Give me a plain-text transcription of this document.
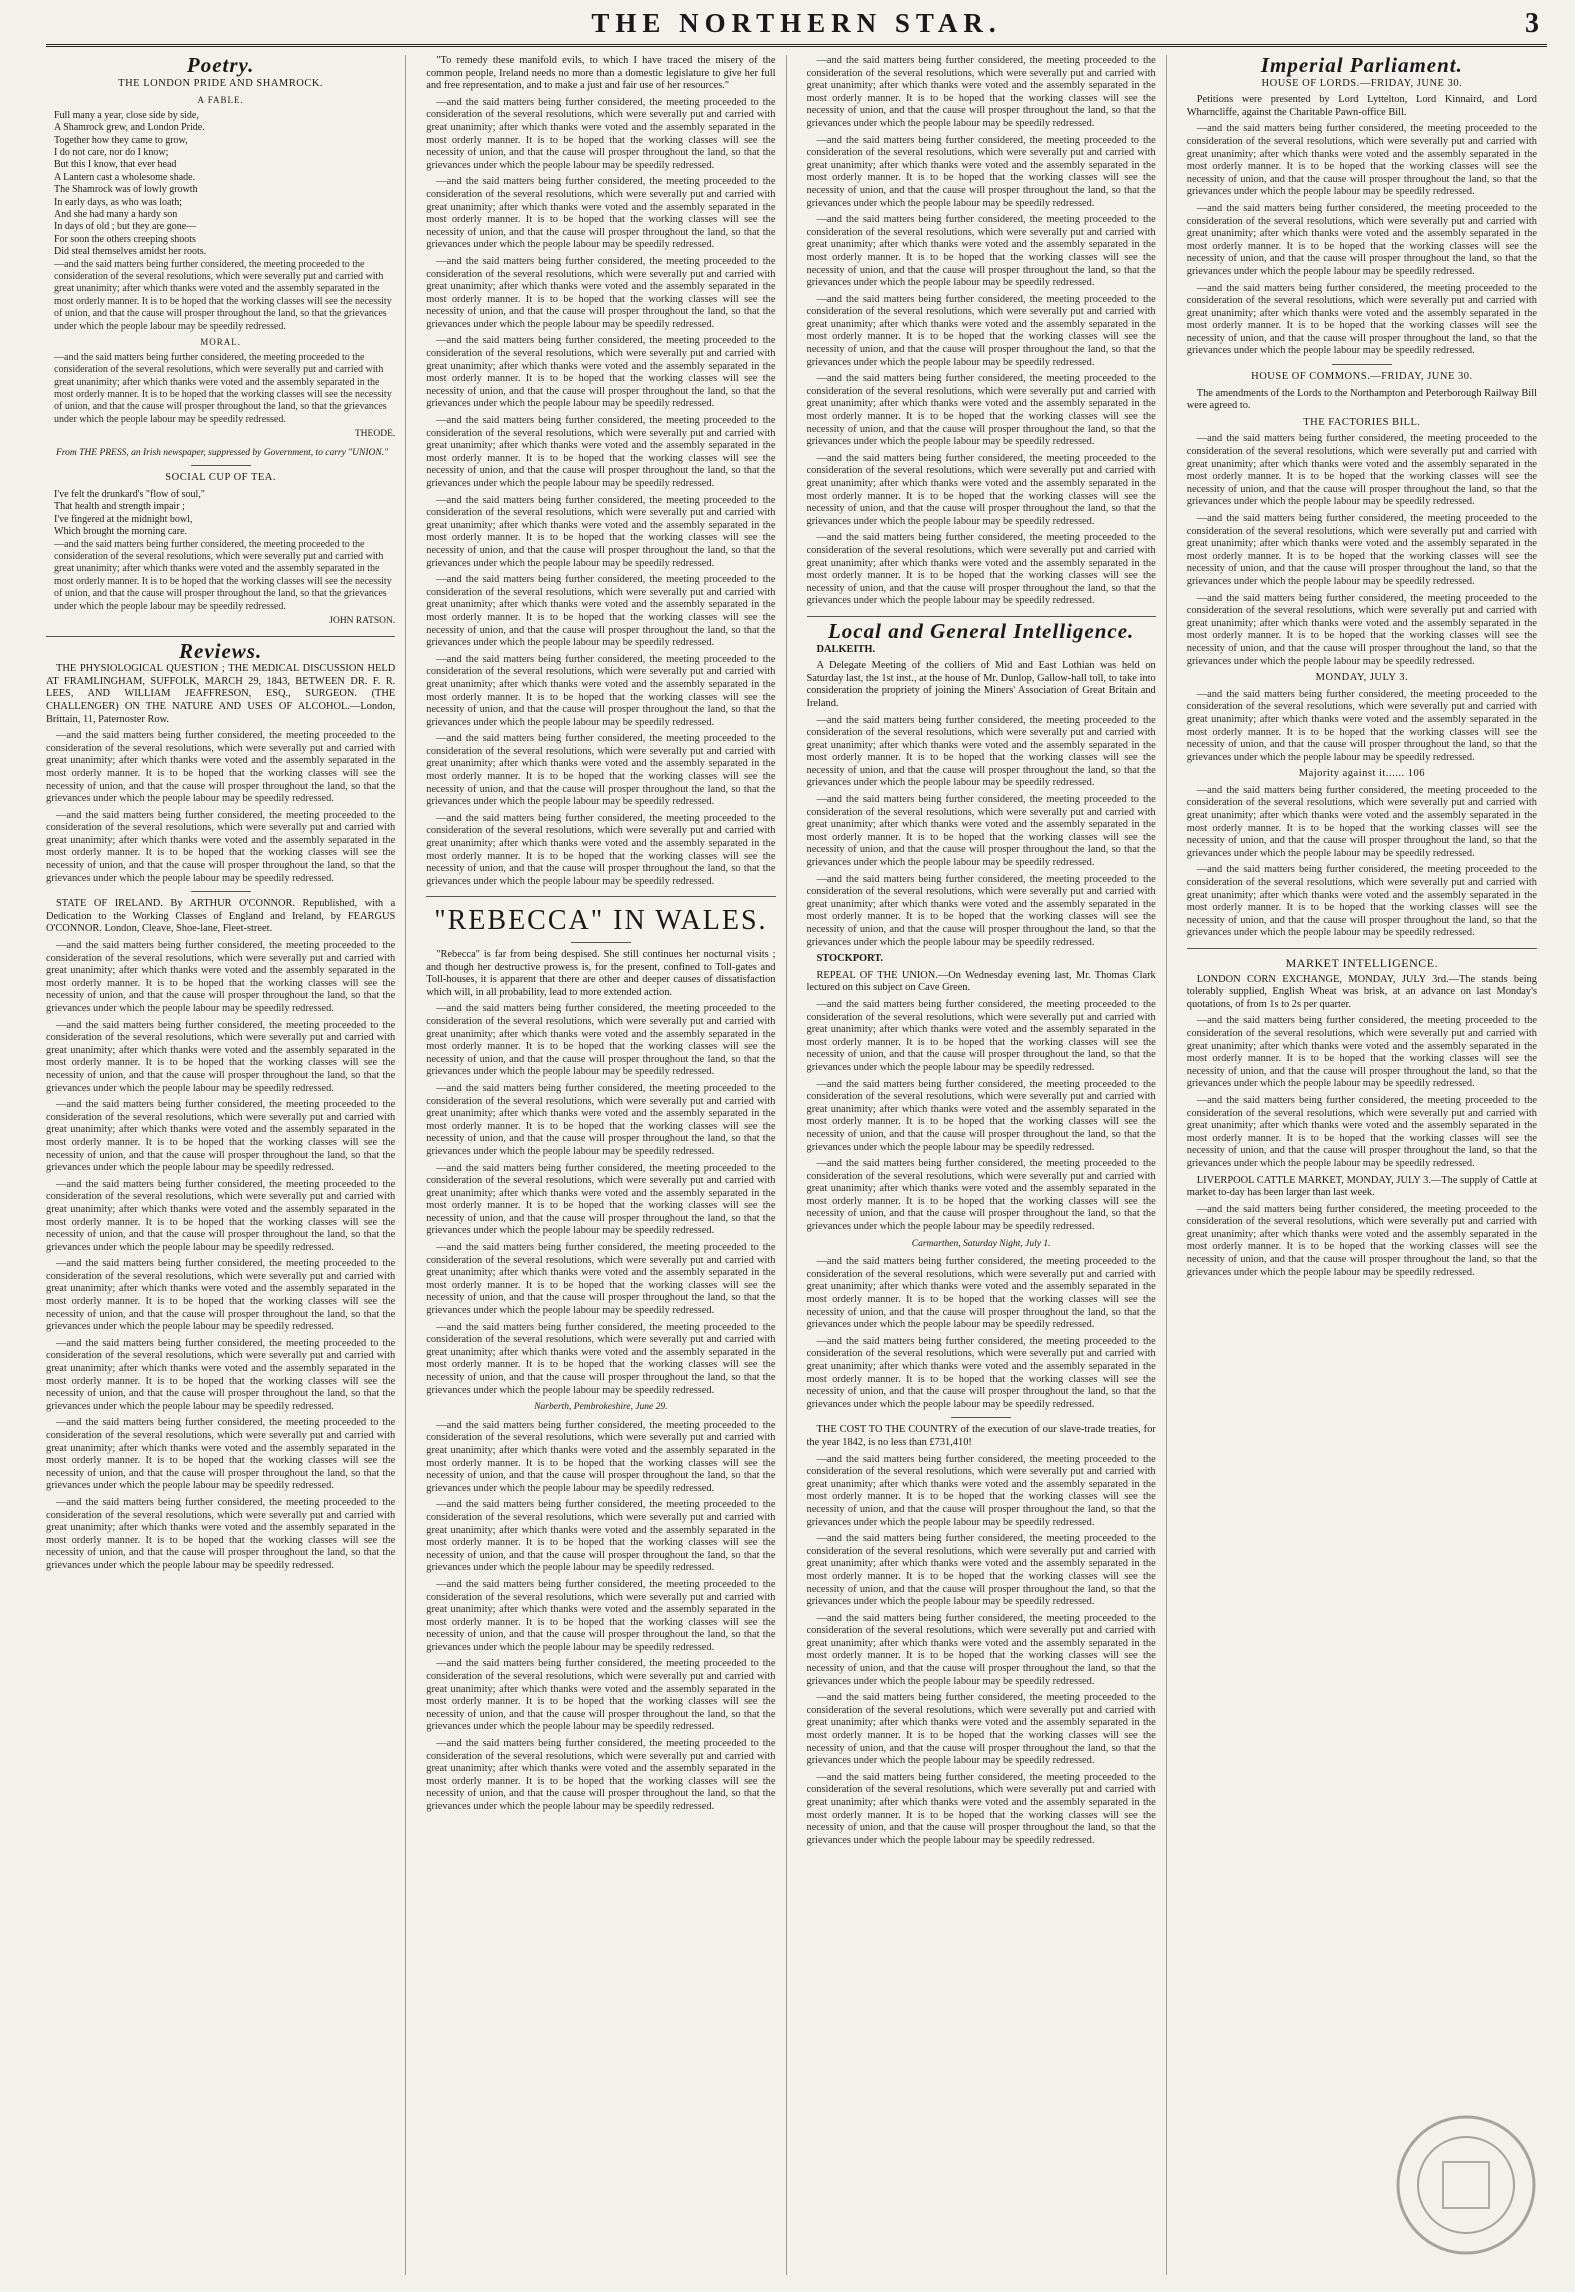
THE NORTHERN STAR.	3
Poetry.
THE LONDON PRIDE AND SHAMROCK.
A FABLE.
Full many a year, close side by side,
A Shamrock grew, and London Pride.
Together how they came to grow,
I do not care, nor do I know;
But this I know, that ever head
A Lantern cast a wholesome shade.
The Shamrock was of lowly growth
In early days, as who was loath;
And she had many a hardy son
In days of old ; but they are gone—
For soon the others creeping shoots
Did steal themselves amidst her roots.
—and the said matters being further considered, the meeting proceeded to the consideration of the several resolutions, which were severally put and carried with great unanimity; after which thanks were voted and the assembly separated in the most orderly manner. It is to be hoped that the working classes will see the necessity of union, and that the cause will prosper throughout the land, so that the grievances under which the people labour may be speedily redressed.
MORAL.
—and the said matters being further considered, the meeting proceeded to the consideration of the several resolutions, which were severally put and carried with great unanimity; after which thanks were voted and the assembly separated in the most orderly manner. It is to be hoped that the working classes will see the necessity of union, and that the cause will prosper throughout the land, so that the grievances under which the people labour may be speedily redressed.
THEODE.

From THE PRESS, an Irish newspaper, suppressed by Government, to carry "UNION."

SOCIAL CUP OF TEA.
I've felt the drunkard's "flow of soul,"
That health and strength impair ;
I've fingered at the midnight bowl,
Which brought the morning care.
—and the said matters being further considered, the meeting proceeded to the consideration of the several resolutions, which were severally put and carried with great unanimity; after which thanks were voted and the assembly separated in the most orderly manner. It is to be hoped that the working classes will see the necessity of union, and that the cause will prosper throughout the land, so that the grievances under which the people labour may be speedily redressed.
JOHN RATSON.
Reviews.

THE PHYSIOLOGICAL QUESTION ; THE MEDICAL DISCUSSION HELD AT FRAMLINGHAM, SUFFOLK, MARCH 29, 1843, BETWEEN DR. F. R. LEES, AND WILLIAM JEAFFRESON, ESQ., SURGEON. (THE CHALLENGER) ON THE NATURE AND USES OF ALCOHOL.—London, Brittain, 11, Paternoster Row.

—and the said matters being further considered, the meeting proceeded to the consideration of the several resolutions, which were severally put and carried with great unanimity; after which thanks were voted and the assembly separated in the most orderly manner. It is to be hoped that the working classes will see the necessity of union, and that the cause will prosper throughout the land, so that the grievances under which the people labour may be speedily redressed.

—and the said matters being further considered, the meeting proceeded to the consideration of the several resolutions, which were severally put and carried with great unanimity; after which thanks were voted and the assembly separated in the most orderly manner. It is to be hoped that the working classes will see the necessity of union, and that the cause will prosper throughout the land, so that the grievances under which the people labour may be speedily redressed.

STATE OF IRELAND. By ARTHUR O'CONNOR. Republished, with a Dedication to the Working Classes of England and Ireland, by FEARGUS O'CONNOR. London, Cleave, Shoe-lane, Fleet-street.

—and the said matters being further considered, the meeting proceeded to the consideration of the several resolutions, which were severally put and carried with great unanimity; after which thanks were voted and the assembly separated in the most orderly manner. It is to be hoped that the working classes will see the necessity of union, and that the cause will prosper throughout the land, so that the grievances under which the people labour may be speedily redressed.

—and the said matters being further considered, the meeting proceeded to the consideration of the several resolutions, which were severally put and carried with great unanimity; after which thanks were voted and the assembly separated in the most orderly manner. It is to be hoped that the working classes will see the necessity of union, and that the cause will prosper throughout the land, so that the grievances under which the people labour may be speedily redressed.

—and the said matters being further considered, the meeting proceeded to the consideration of the several resolutions, which were severally put and carried with great unanimity; after which thanks were voted and the assembly separated in the most orderly manner. It is to be hoped that the working classes will see the necessity of union, and that the cause will prosper throughout the land, so that the grievances under which the people labour may be speedily redressed.

—and the said matters being further considered, the meeting proceeded to the consideration of the several resolutions, which were severally put and carried with great unanimity; after which thanks were voted and the assembly separated in the most orderly manner. It is to be hoped that the working classes will see the necessity of union, and that the cause will prosper throughout the land, so that the grievances under which the people labour may be speedily redressed.

—and the said matters being further considered, the meeting proceeded to the consideration of the several resolutions, which were severally put and carried with great unanimity; after which thanks were voted and the assembly separated in the most orderly manner. It is to be hoped that the working classes will see the necessity of union, and that the cause will prosper throughout the land, so that the grievances under which the people labour may be speedily redressed.

—and the said matters being further considered, the meeting proceeded to the consideration of the several resolutions, which were severally put and carried with great unanimity; after which thanks were voted and the assembly separated in the most orderly manner. It is to be hoped that the working classes will see the necessity of union, and that the cause will prosper throughout the land, so that the grievances under which the people labour may be speedily redressed.

—and the said matters being further considered, the meeting proceeded to the consideration of the several resolutions, which were severally put and carried with great unanimity; after which thanks were voted and the assembly separated in the most orderly manner. It is to be hoped that the working classes will see the necessity of union, and that the cause will prosper throughout the land, so that the grievances under which the people labour may be speedily redressed.

—and the said matters being further considered, the meeting proceeded to the consideration of the several resolutions, which were severally put and carried with great unanimity; after which thanks were voted and the assembly separated in the most orderly manner. It is to be hoped that the working classes will see the necessity of union, and that the cause will prosper throughout the land, so that the grievances under which the people labour may be speedily redressed.

"To remedy these manifold evils, to which I have traced the misery of the common people, Ireland needs no more than a domestic legislature to give her full and free representation, and to make a just and fair use of her resources."

—and the said matters being further considered, the meeting proceeded to the consideration of the several resolutions, which were severally put and carried with great unanimity; after which thanks were voted and the assembly separated in the most orderly manner. It is to be hoped that the working classes will see the necessity of union, and that the cause will prosper throughout the land, so that the grievances under which the people labour may be speedily redressed.

—and the said matters being further considered, the meeting proceeded to the consideration of the several resolutions, which were severally put and carried with great unanimity; after which thanks were voted and the assembly separated in the most orderly manner. It is to be hoped that the working classes will see the necessity of union, and that the cause will prosper throughout the land, so that the grievances under which the people labour may be speedily redressed.

—and the said matters being further considered, the meeting proceeded to the consideration of the several resolutions, which were severally put and carried with great unanimity; after which thanks were voted and the assembly separated in the most orderly manner. It is to be hoped that the working classes will see the necessity of union, and that the cause will prosper throughout the land, so that the grievances under which the people labour may be speedily redressed.

—and the said matters being further considered, the meeting proceeded to the consideration of the several resolutions, which were severally put and carried with great unanimity; after which thanks were voted and the assembly separated in the most orderly manner. It is to be hoped that the working classes will see the necessity of union, and that the cause will prosper throughout the land, so that the grievances under which the people labour may be speedily redressed.

—and the said matters being further considered, the meeting proceeded to the consideration of the several resolutions, which were severally put and carried with great unanimity; after which thanks were voted and the assembly separated in the most orderly manner. It is to be hoped that the working classes will see the necessity of union, and that the cause will prosper throughout the land, so that the grievances under which the people labour may be speedily redressed.

—and the said matters being further considered, the meeting proceeded to the consideration of the several resolutions, which were severally put and carried with great unanimity; after which thanks were voted and the assembly separated in the most orderly manner. It is to be hoped that the working classes will see the necessity of union, and that the cause will prosper throughout the land, so that the grievances under which the people labour may be speedily redressed.

—and the said matters being further considered, the meeting proceeded to the consideration of the several resolutions, which were severally put and carried with great unanimity; after which thanks were voted and the assembly separated in the most orderly manner. It is to be hoped that the working classes will see the necessity of union, and that the cause will prosper throughout the land, so that the grievances under which the people labour may be speedily redressed.

—and the said matters being further considered, the meeting proceeded to the consideration of the several resolutions, which were severally put and carried with great unanimity; after which thanks were voted and the assembly separated in the most orderly manner. It is to be hoped that the working classes will see the necessity of union, and that the cause will prosper throughout the land, so that the grievances under which the people labour may be speedily redressed.

—and the said matters being further considered, the meeting proceeded to the consideration of the several resolutions, which were severally put and carried with great unanimity; after which thanks were voted and the assembly separated in the most orderly manner. It is to be hoped that the working classes will see the necessity of union, and that the cause will prosper throughout the land, so that the grievances under which the people labour may be speedily redressed.

—and the said matters being further considered, the meeting proceeded to the consideration of the several resolutions, which were severally put and carried with great unanimity; after which thanks were voted and the assembly separated in the most orderly manner. It is to be hoped that the working classes will see the necessity of union, and that the cause will prosper throughout the land, so that the grievances under which the people labour may be speedily redressed.

"REBECCA" IN WALES.

"Rebecca" is far from being despised. She still continues her nocturnal visits ; and though her destructive prowess is, for the present, confined to Toll-gates and Toll-houses, it is apparent that there are other and deeper causes of dissatisfaction which will, in all probability, lead to more extended action.

—and the said matters being further considered, the meeting proceeded to the consideration of the several resolutions, which were severally put and carried with great unanimity; after which thanks were voted and the assembly separated in the most orderly manner. It is to be hoped that the working classes will see the necessity of union, and that the cause will prosper throughout the land, so that the grievances under which the people labour may be speedily redressed.

—and the said matters being further considered, the meeting proceeded to the consideration of the several resolutions, which were severally put and carried with great unanimity; after which thanks were voted and the assembly separated in the most orderly manner. It is to be hoped that the working classes will see the necessity of union, and that the cause will prosper throughout the land, so that the grievances under which the people labour may be speedily redressed.

—and the said matters being further considered, the meeting proceeded to the consideration of the several resolutions, which were severally put and carried with great unanimity; after which thanks were voted and the assembly separated in the most orderly manner. It is to be hoped that the working classes will see the necessity of union, and that the cause will prosper throughout the land, so that the grievances under which the people labour may be speedily redressed.

—and the said matters being further considered, the meeting proceeded to the consideration of the several resolutions, which were severally put and carried with great unanimity; after which thanks were voted and the assembly separated in the most orderly manner. It is to be hoped that the working classes will see the necessity of union, and that the cause will prosper throughout the land, so that the grievances under which the people labour may be speedily redressed.

—and the said matters being further considered, the meeting proceeded to the consideration of the several resolutions, which were severally put and carried with great unanimity; after which thanks were voted and the assembly separated in the most orderly manner. It is to be hoped that the working classes will see the necessity of union, and that the cause will prosper throughout the land, so that the grievances under which the people labour may be speedily redressed.

Narberth, Pembrokeshire, June 29.

—and the said matters being further considered, the meeting proceeded to the consideration of the several resolutions, which were severally put and carried with great unanimity; after which thanks were voted and the assembly separated in the most orderly manner. It is to be hoped that the working classes will see the necessity of union, and that the cause will prosper throughout the land, so that the grievances under which the people labour may be speedily redressed.

—and the said matters being further considered, the meeting proceeded to the consideration of the several resolutions, which were severally put and carried with great unanimity; after which thanks were voted and the assembly separated in the most orderly manner. It is to be hoped that the working classes will see the necessity of union, and that the cause will prosper throughout the land, so that the grievances under which the people labour may be speedily redressed.

—and the said matters being further considered, the meeting proceeded to the consideration of the several resolutions, which were severally put and carried with great unanimity; after which thanks were voted and the assembly separated in the most orderly manner. It is to be hoped that the working classes will see the necessity of union, and that the cause will prosper throughout the land, so that the grievances under which the people labour may be speedily redressed.

—and the said matters being further considered, the meeting proceeded to the consideration of the several resolutions, which were severally put and carried with great unanimity; after which thanks were voted and the assembly separated in the most orderly manner. It is to be hoped that the working classes will see the necessity of union, and that the cause will prosper throughout the land, so that the grievances under which the people labour may be speedily redressed.

—and the said matters being further considered, the meeting proceeded to the consideration of the several resolutions, which were severally put and carried with great unanimity; after which thanks were voted and the assembly separated in the most orderly manner. It is to be hoped that the working classes will see the necessity of union, and that the cause will prosper throughout the land, so that the grievances under which the people labour may be speedily redressed.

—and the said matters being further considered, the meeting proceeded to the consideration of the several resolutions, which were severally put and carried with great unanimity; after which thanks were voted and the assembly separated in the most orderly manner. It is to be hoped that the working classes will see the necessity of union, and that the cause will prosper throughout the land, so that the grievances under which the people labour may be speedily redressed.

—and the said matters being further considered, the meeting proceeded to the consideration of the several resolutions, which were severally put and carried with great unanimity; after which thanks were voted and the assembly separated in the most orderly manner. It is to be hoped that the working classes will see the necessity of union, and that the cause will prosper throughout the land, so that the grievances under which the people labour may be speedily redressed.

—and the said matters being further considered, the meeting proceeded to the consideration of the several resolutions, which were severally put and carried with great unanimity; after which thanks were voted and the assembly separated in the most orderly manner. It is to be hoped that the working classes will see the necessity of union, and that the cause will prosper throughout the land, so that the grievances under which the people labour may be speedily redressed.

—and the said matters being further considered, the meeting proceeded to the consideration of the several resolutions, which were severally put and carried with great unanimity; after which thanks were voted and the assembly separated in the most orderly manner. It is to be hoped that the working classes will see the necessity of union, and that the cause will prosper throughout the land, so that the grievances under which the people labour may be speedily redressed.

—and the said matters being further considered, the meeting proceeded to the consideration of the several resolutions, which were severally put and carried with great unanimity; after which thanks were voted and the assembly separated in the most orderly manner. It is to be hoped that the working classes will see the necessity of union, and that the cause will prosper throughout the land, so that the grievances under which the people labour may be speedily redressed.

—and the said matters being further considered, the meeting proceeded to the consideration of the several resolutions, which were severally put and carried with great unanimity; after which thanks were voted and the assembly separated in the most orderly manner. It is to be hoped that the working classes will see the necessity of union, and that the cause will prosper throughout the land, so that the grievances under which the people labour may be speedily redressed.

—and the said matters being further considered, the meeting proceeded to the consideration of the several resolutions, which were severally put and carried with great unanimity; after which thanks were voted and the assembly separated in the most orderly manner. It is to be hoped that the working classes will see the necessity of union, and that the cause will prosper throughout the land, so that the grievances under which the people labour may be speedily redressed.

Local and General Intelligence.

DALKEITH.

A Delegate Meeting of the colliers of Mid and East Lothian was held on Saturday last, the 1st inst., at the house of Mr. Dunlop, Gallow-hall toll, to take into consideration the propriety of joining the Miners' Association of Great Britain and Ireland.

—and the said matters being further considered, the meeting proceeded to the consideration of the several resolutions, which were severally put and carried with great unanimity; after which thanks were voted and the assembly separated in the most orderly manner. It is to be hoped that the working classes will see the necessity of union, and that the cause will prosper throughout the land, so that the grievances under which the people labour may be speedily redressed.

—and the said matters being further considered, the meeting proceeded to the consideration of the several resolutions, which were severally put and carried with great unanimity; after which thanks were voted and the assembly separated in the most orderly manner. It is to be hoped that the working classes will see the necessity of union, and that the cause will prosper throughout the land, so that the grievances under which the people labour may be speedily redressed.

—and the said matters being further considered, the meeting proceeded to the consideration of the several resolutions, which were severally put and carried with great unanimity; after which thanks were voted and the assembly separated in the most orderly manner. It is to be hoped that the working classes will see the necessity of union, and that the cause will prosper throughout the land, so that the grievances under which the people labour may be speedily redressed.

STOCKPORT.

REPEAL OF THE UNION.—On Wednesday evening last, Mr. Thomas Clark lectured on this subject on Cave Green.

—and the said matters being further considered, the meeting proceeded to the consideration of the several resolutions, which were severally put and carried with great unanimity; after which thanks were voted and the assembly separated in the most orderly manner. It is to be hoped that the working classes will see the necessity of union, and that the cause will prosper throughout the land, so that the grievances under which the people labour may be speedily redressed.

—and the said matters being further considered, the meeting proceeded to the consideration of the several resolutions, which were severally put and carried with great unanimity; after which thanks were voted and the assembly separated in the most orderly manner. It is to be hoped that the working classes will see the necessity of union, and that the cause will prosper throughout the land, so that the grievances under which the people labour may be speedily redressed.

—and the said matters being further considered, the meeting proceeded to the consideration of the several resolutions, which were severally put and carried with great unanimity; after which thanks were voted and the assembly separated in the most orderly manner. It is to be hoped that the working classes will see the necessity of union, and that the cause will prosper throughout the land, so that the grievances under which the people labour may be speedily redressed.

Carmarthen, Saturday Night, July 1.

—and the said matters being further considered, the meeting proceeded to the consideration of the several resolutions, which were severally put and carried with great unanimity; after which thanks were voted and the assembly separated in the most orderly manner. It is to be hoped that the working classes will see the necessity of union, and that the cause will prosper throughout the land, so that the grievances under which the people labour may be speedily redressed.

—and the said matters being further considered, the meeting proceeded to the consideration of the several resolutions, which were severally put and carried with great unanimity; after which thanks were voted and the assembly separated in the most orderly manner. It is to be hoped that the working classes will see the necessity of union, and that the cause will prosper throughout the land, so that the grievances under which the people labour may be speedily redressed.

THE COST TO THE COUNTRY of the execution of our slave-trade treaties, for the year 1842, is no less than £731,410!

—and the said matters being further considered, the meeting proceeded to the consideration of the several resolutions, which were severally put and carried with great unanimity; after which thanks were voted and the assembly separated in the most orderly manner. It is to be hoped that the working classes will see the necessity of union, and that the cause will prosper throughout the land, so that the grievances under which the people labour may be speedily redressed.

—and the said matters being further considered, the meeting proceeded to the consideration of the several resolutions, which were severally put and carried with great unanimity; after which thanks were voted and the assembly separated in the most orderly manner. It is to be hoped that the working classes will see the necessity of union, and that the cause will prosper throughout the land, so that the grievances under which the people labour may be speedily redressed.

—and the said matters being further considered, the meeting proceeded to the consideration of the several resolutions, which were severally put and carried with great unanimity; after which thanks were voted and the assembly separated in the most orderly manner. It is to be hoped that the working classes will see the necessity of union, and that the cause will prosper throughout the land, so that the grievances under which the people labour may be speedily redressed.

—and the said matters being further considered, the meeting proceeded to the consideration of the several resolutions, which were severally put and carried with great unanimity; after which thanks were voted and the assembly separated in the most orderly manner. It is to be hoped that the working classes will see the necessity of union, and that the cause will prosper throughout the land, so that the grievances under which the people labour may be speedily redressed.

—and the said matters being further considered, the meeting proceeded to the consideration of the several resolutions, which were severally put and carried with great unanimity; after which thanks were voted and the assembly separated in the most orderly manner. It is to be hoped that the working classes will see the necessity of union, and that the cause will prosper throughout the land, so that the grievances under which the people labour may be speedily redressed.

Imperial Parliament.
HOUSE OF LORDS.—FRIDAY, JUNE 30.

Petitions were presented by Lord Lyttelton, Lord Kinnaird, and Lord Wharncliffe, against the Charitable Pawn-office Bill.

—and the said matters being further considered, the meeting proceeded to the consideration of the several resolutions, which were severally put and carried with great unanimity; after which thanks were voted and the assembly separated in the most orderly manner. It is to be hoped that the working classes will see the necessity of union, and that the cause will prosper throughout the land, so that the grievances under which the people labour may be speedily redressed.

—and the said matters being further considered, the meeting proceeded to the consideration of the several resolutions, which were severally put and carried with great unanimity; after which thanks were voted and the assembly separated in the most orderly manner. It is to be hoped that the working classes will see the necessity of union, and that the cause will prosper throughout the land, so that the grievances under which the people labour may be speedily redressed.

—and the said matters being further considered, the meeting proceeded to the consideration of the several resolutions, which were severally put and carried with great unanimity; after which thanks were voted and the assembly separated in the most orderly manner. It is to be hoped that the working classes will see the necessity of union, and that the cause will prosper throughout the land, so that the grievances under which the people labour may be speedily redressed.

HOUSE OF COMMONS.—FRIDAY, JUNE 30.

The amendments of the Lords to the Northampton and Peterborough Railway Bill were agreed to.

THE FACTORIES BILL.

—and the said matters being further considered, the meeting proceeded to the consideration of the several resolutions, which were severally put and carried with great unanimity; after which thanks were voted and the assembly separated in the most orderly manner. It is to be hoped that the working classes will see the necessity of union, and that the cause will prosper throughout the land, so that the grievances under which the people labour may be speedily redressed.

—and the said matters being further considered, the meeting proceeded to the consideration of the several resolutions, which were severally put and carried with great unanimity; after which thanks were voted and the assembly separated in the most orderly manner. It is to be hoped that the working classes will see the necessity of union, and that the cause will prosper throughout the land, so that the grievances under which the people labour may be speedily redressed.

—and the said matters being further considered, the meeting proceeded to the consideration of the several resolutions, which were severally put and carried with great unanimity; after which thanks were voted and the assembly separated in the most orderly manner. It is to be hoped that the working classes will see the necessity of union, and that the cause will prosper throughout the land, so that the grievances under which the people labour may be speedily redressed.

MONDAY, JULY 3.

—and the said matters being further considered, the meeting proceeded to the consideration of the several resolutions, which were severally put and carried with great unanimity; after which thanks were voted and the assembly separated in the most orderly manner. It is to be hoped that the working classes will see the necessity of union, and that the cause will prosper throughout the land, so that the grievances under which the people labour may be speedily redressed.

Majority against it...... 106

—and the said matters being further considered, the meeting proceeded to the consideration of the several resolutions, which were severally put and carried with great unanimity; after which thanks were voted and the assembly separated in the most orderly manner. It is to be hoped that the working classes will see the necessity of union, and that the cause will prosper throughout the land, so that the grievances under which the people labour may be speedily redressed.

—and the said matters being further considered, the meeting proceeded to the consideration of the several resolutions, which were severally put and carried with great unanimity; after which thanks were voted and the assembly separated in the most orderly manner. It is to be hoped that the working classes will see the necessity of union, and that the cause will prosper throughout the land, so that the grievances under which the people labour may be speedily redressed.

MARKET INTELLIGENCE.

LONDON CORN EXCHANGE, MONDAY, JULY 3rd.—The stands being tolerably supplied, English Wheat was brisk, at an advance on last Monday's quotations, of from 1s to 2s per quarter.

—and the said matters being further considered, the meeting proceeded to the consideration of the several resolutions, which were severally put and carried with great unanimity; after which thanks were voted and the assembly separated in the most orderly manner. It is to be hoped that the working classes will see the necessity of union, and that the cause will prosper throughout the land, so that the grievances under which the people labour may be speedily redressed.

—and the said matters being further considered, the meeting proceeded to the consideration of the several resolutions, which were severally put and carried with great unanimity; after which thanks were voted and the assembly separated in the most orderly manner. It is to be hoped that the working classes will see the necessity of union, and that the cause will prosper throughout the land, so that the grievances under which the people labour may be speedily redressed.

LIVERPOOL CATTLE MARKET, MONDAY, JULY 3.—The supply of Cattle at market to-day has been larger than last week.

—and the said matters being further considered, the meeting proceeded to the consideration of the several resolutions, which were severally put and carried with great unanimity; after which thanks were voted and the assembly separated in the most orderly manner. It is to be hoped that the working classes will see the necessity of union, and that the cause will prosper throughout the land, so that the grievances under which the people labour may be speedily redressed.
